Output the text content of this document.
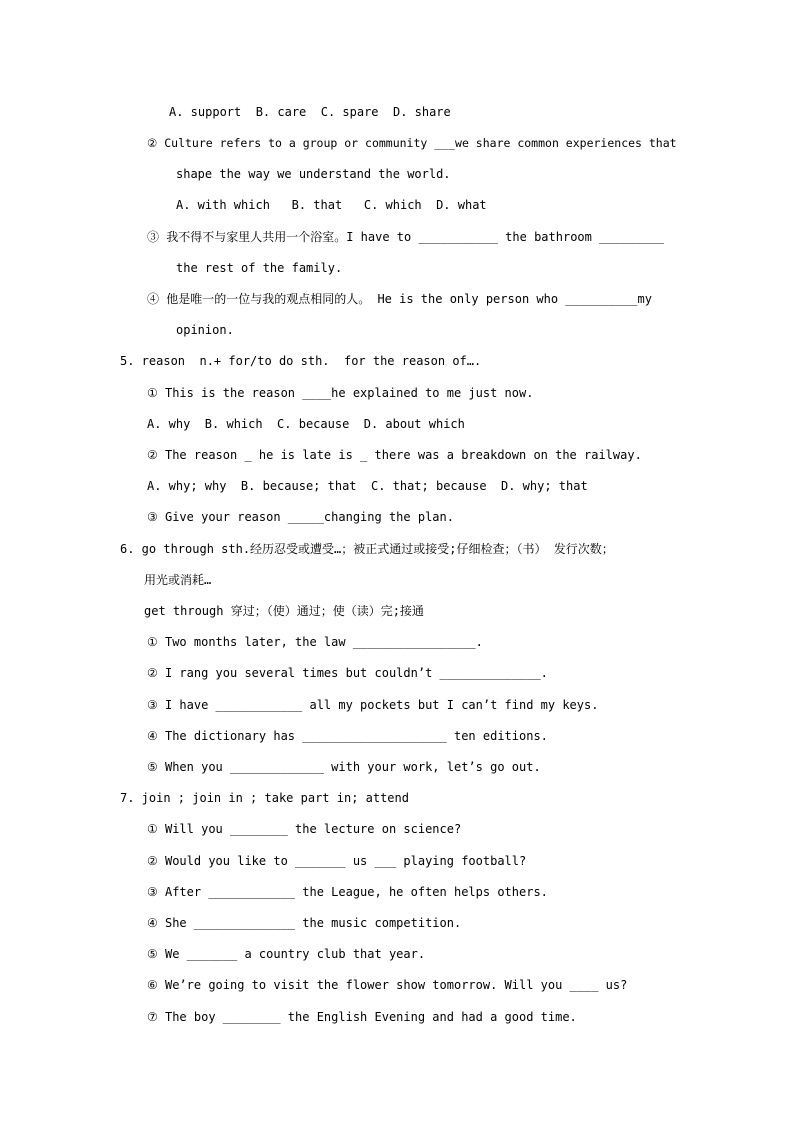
A. support  B. care  C. spare  D. share
② Culture refers to a group or community ___we share common experiences that
shape the way we understand the world.
A. with which   B. that   C. which  D. what
③ 我不得不与家里人共用一个浴室。I have to ___________ the bathroom _________
the rest of the family.
④ 他是唯一的一位与我的观点相同的人。 He is the only person who __________my
opinion.
5. reason  n.+ for/to do sth.  for the reason of….
① This is the reason ____he explained to me just now.
A. why  B. which  C. because  D. about which
② The reason _ he is late is _ there was a breakdown on the railway.
A. why; why  B. because; that  C. that; because  D. why; that
③ Give your reason _____changing the plan.
6. go through sth.经历忍受或遭受…；被正式通过或接受;仔细检查；（书） 发行次数；
用光或消耗…
get through 穿过；（使）通过；使（读）完;接通
① Two months later, the law _________________.
② I rang you several times but couldn’t ______________.
③ I have ____________ all my pockets but I can’t find my keys.
④ The dictionary has ____________________ ten editions.
⑤ When you _____________ with your work, let’s go out.
7. join ; join in ; take part in; attend
① Will you ________ the lecture on science?
② Would you like to _______ us ___ playing football?
③ After ____________ the League, he often helps others.
④ She ______________ the music competition.
⑤ We _______ a country club that year.
⑥ We’re going to visit the flower show tomorrow. Will you ____ us?
⑦ The boy ________ the English Evening and had a good time.
